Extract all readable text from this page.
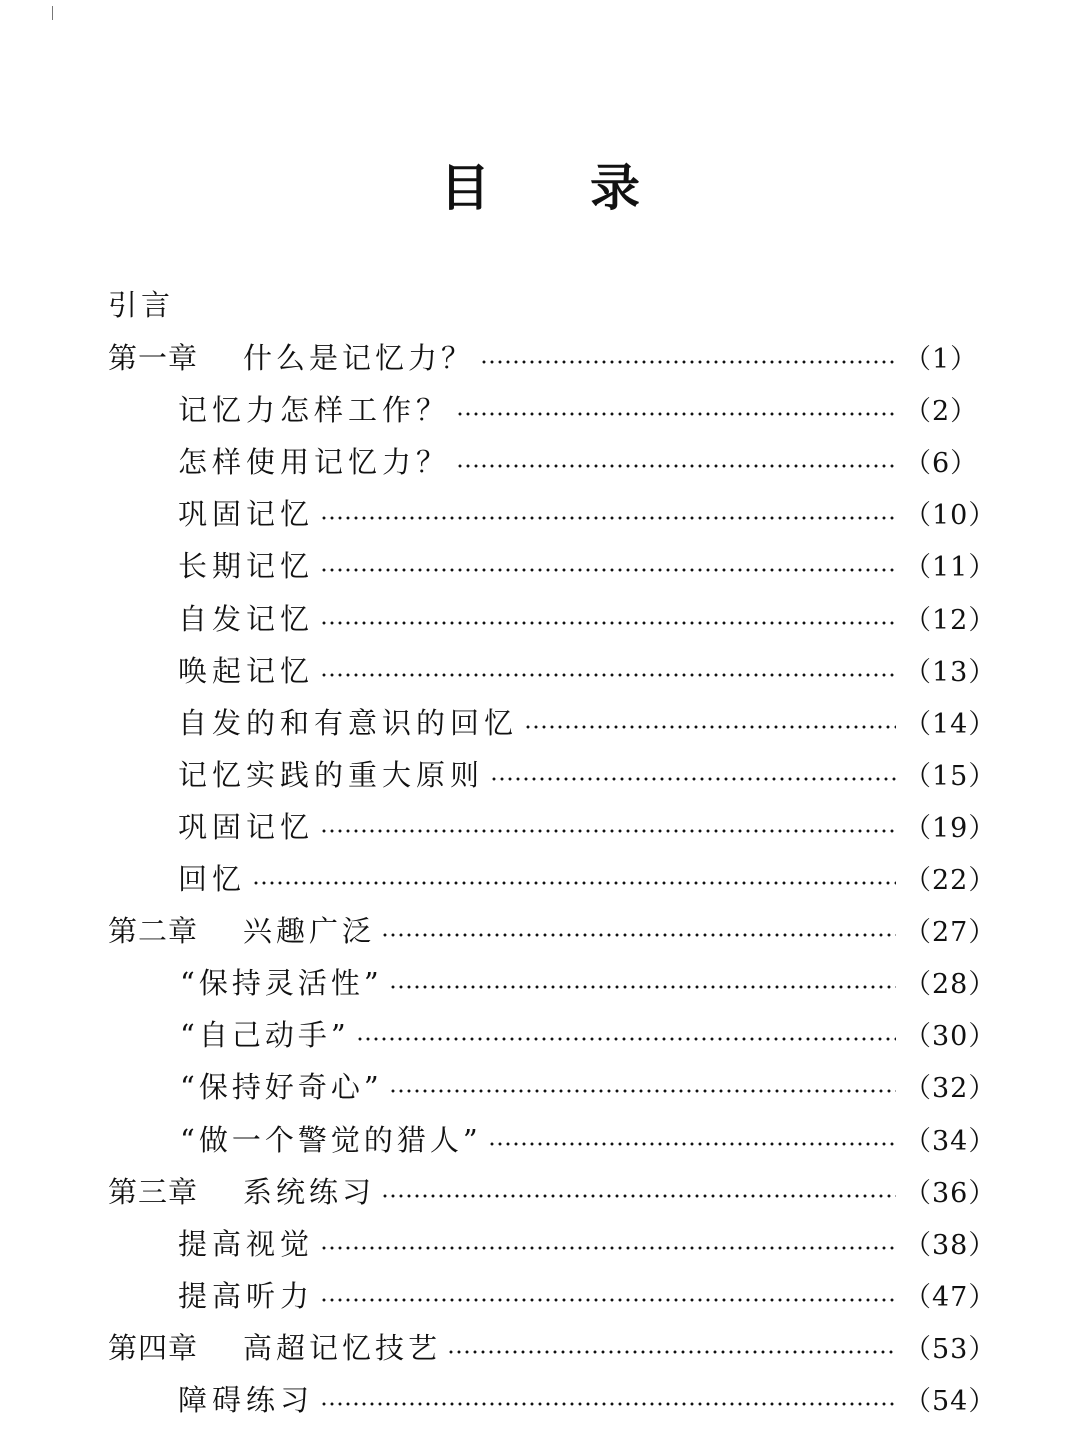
目 录
引言
第一章	什么是记忆力？	（1）
记忆力怎样工作？	（2）
怎样使用记忆力？	（6）
巩固记忆	（10）
长期记忆	（11）
自发记忆	（12）
唤起记忆	（13）
自发的和有意识的回忆	（14）
记忆实践的重大原则	（15）
巩固记忆	（19）
回忆	（22）
第二章	兴趣广泛	（27）
“保持灵活性”	（28）
“自己动手”	（30）
“保持好奇心”	（32）
“做一个警觉的猎人”	（34）
第三章	系统练习	（36）
提高视觉	（38）
提高听力	（47）
第四章	高超记忆技艺	（53）
障碍练习	（54）
